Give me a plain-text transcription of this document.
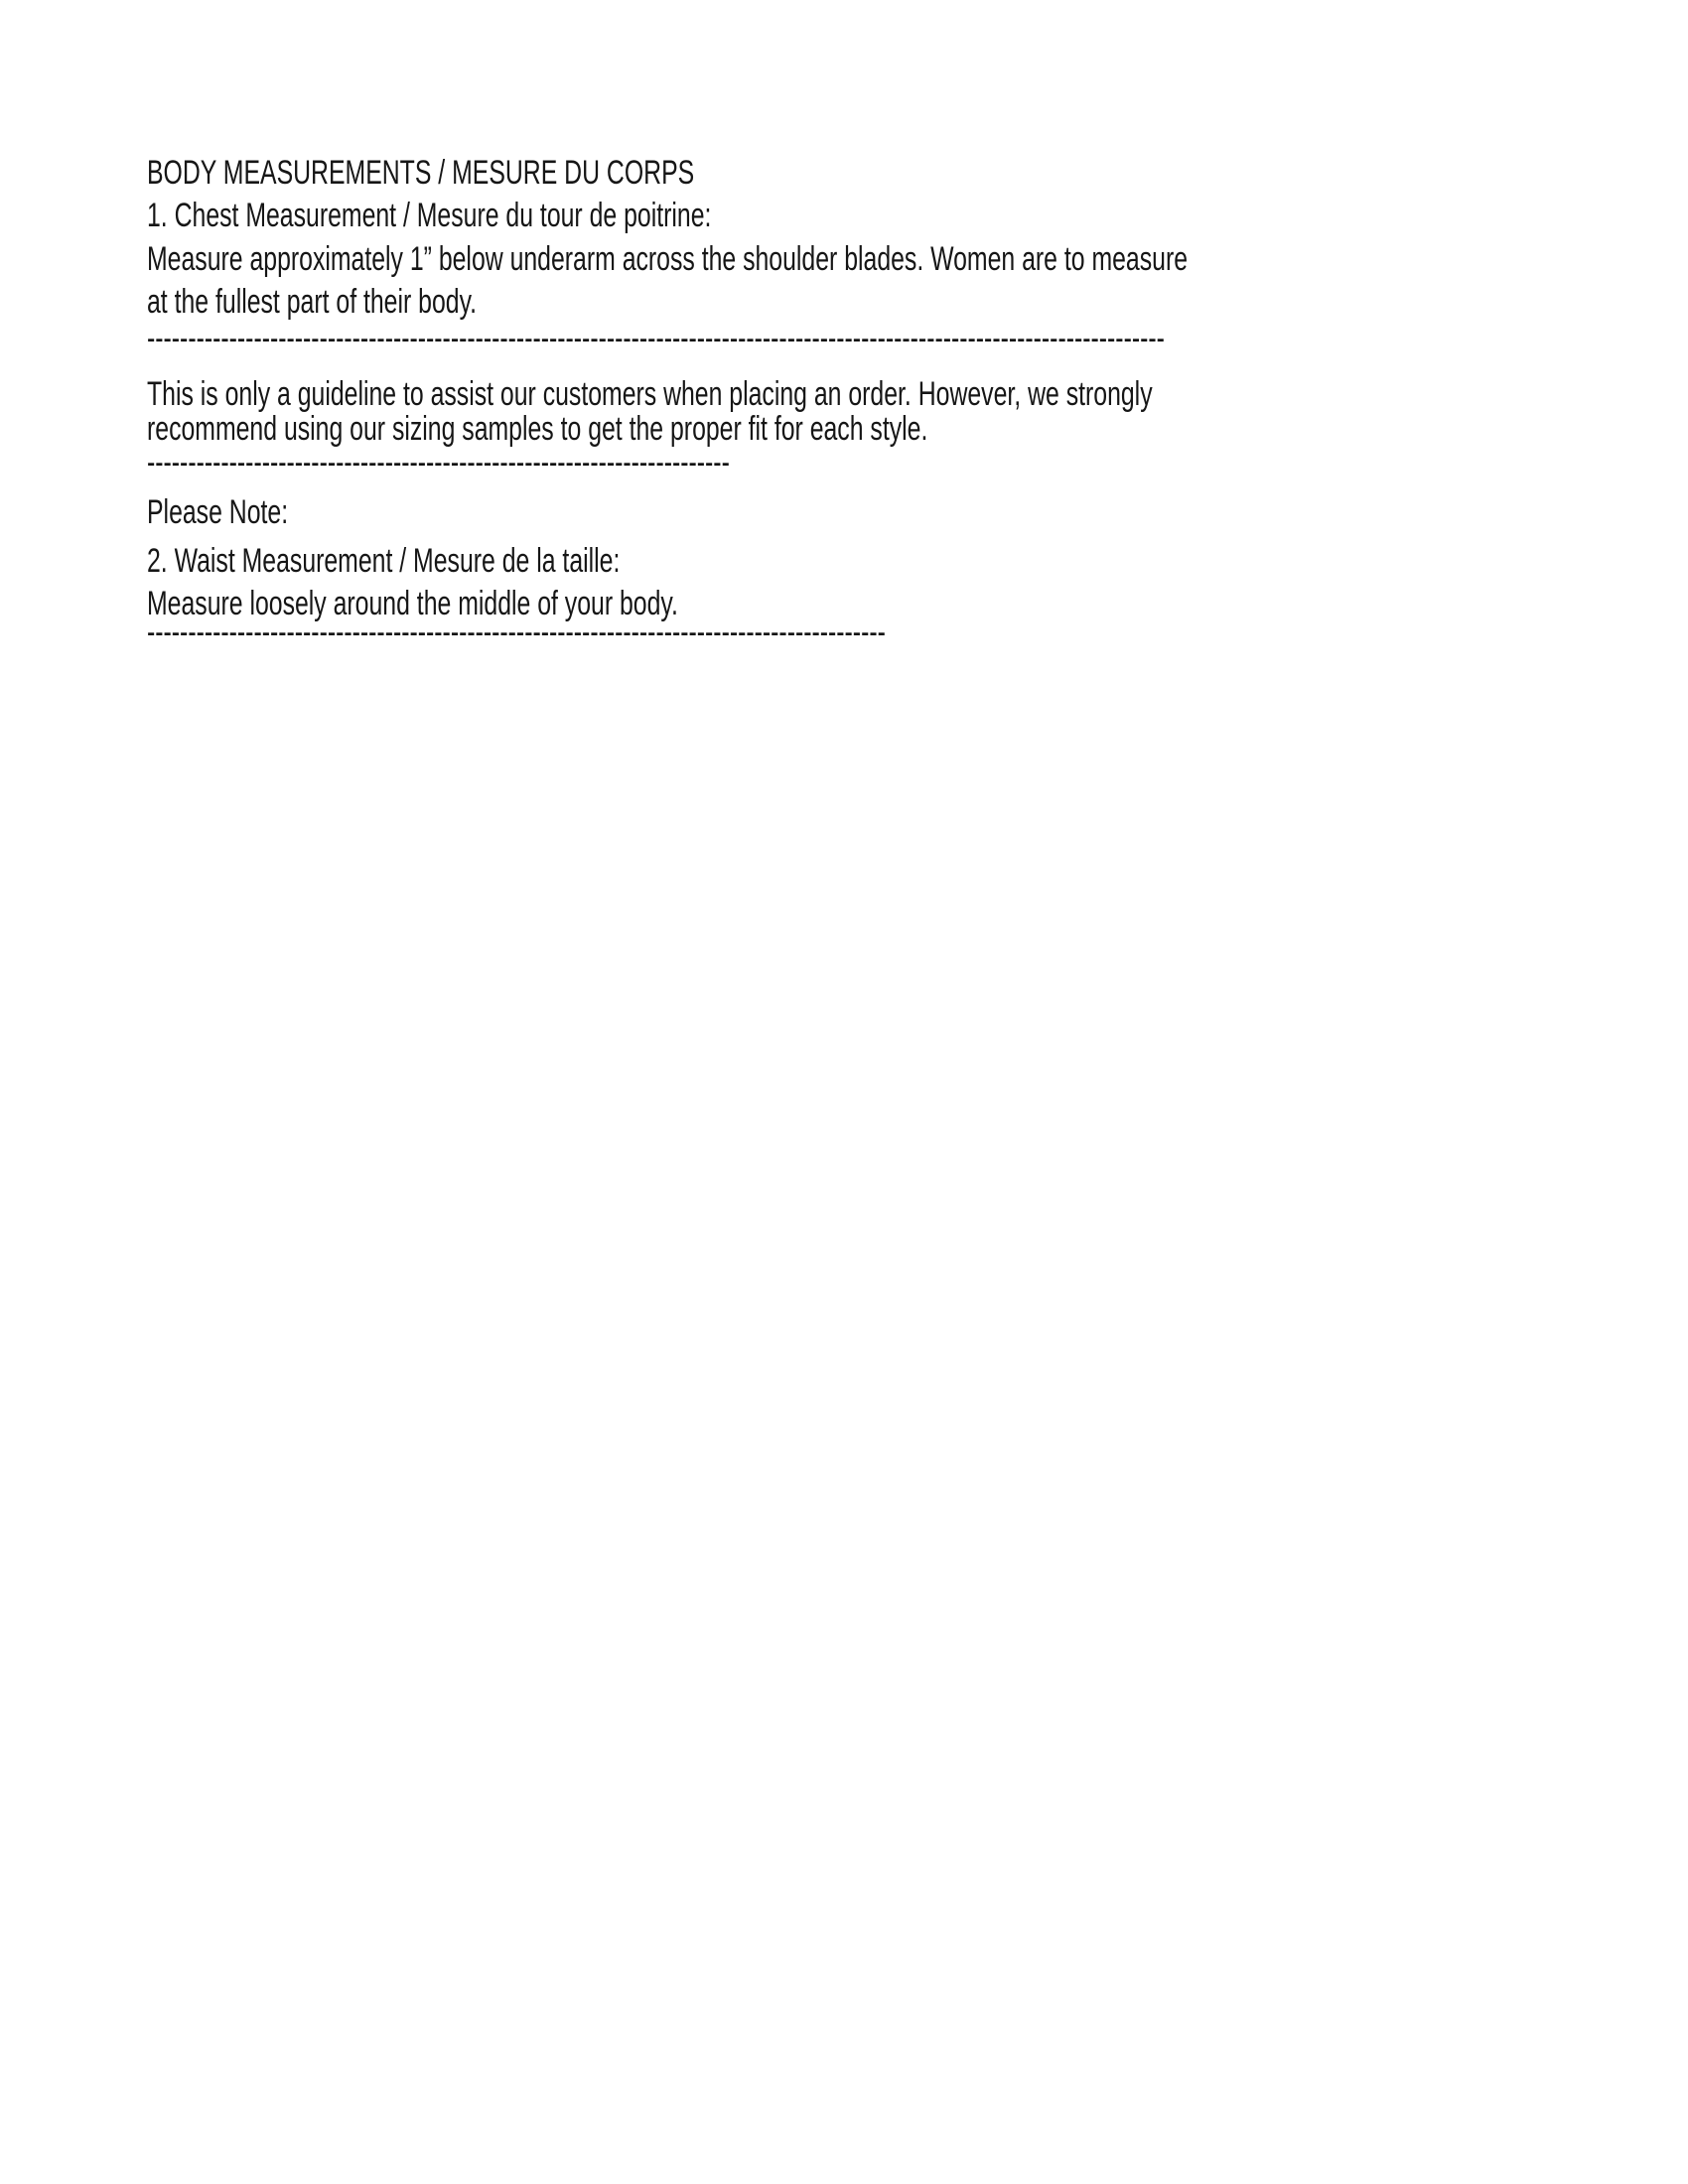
BODY MEASUREMENTS / MESURE DU CORPS
1. Chest Measurement / Mesure du tour de poitrine:
Measure approximately 1” below underarm across the shoulder blades. Women are to measure
at the fullest part of their body.
----------------------------------------------------------------------------------------------------------------------------
This is only a guideline to assist our customers when placing an order. However, we strongly
recommend using our sizing samples to get the proper fit for each style.
-----------------------------------------------------------------------
Please Note:
2. Waist Measurement / Mesure de la taille:
Measure loosely around the middle of your body.
------------------------------------------------------------------------------------------
